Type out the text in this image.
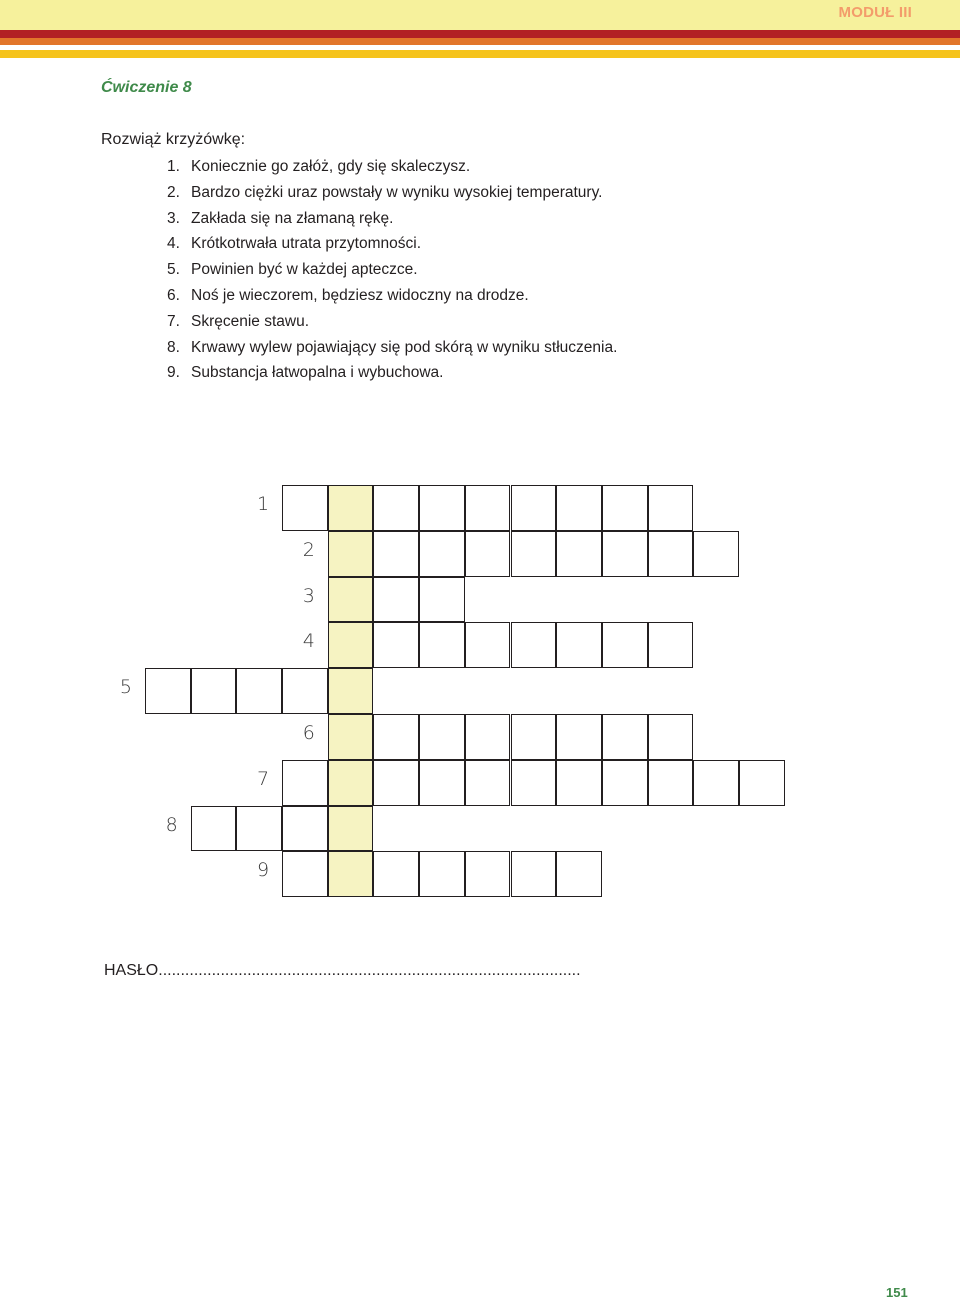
MODUŁ III
Ćwiczenie 8
Rozwiąż krzyżówkę:
1. Koniecznie go załóż, gdy się skaleczysz.
2. Bardzo ciężki uraz powstały w wyniku wysokiej temperatury.
3. Zakłada się na złamaną rękę.
4. Krótkotrwała utrata przytomności.
5. Powinien być w każdej apteczce.
6. Noś je wieczorem, będziesz widoczny na drodze.
7. Skręcenie stawu.
8. Krwawy wylew pojawiający się pod skórą w wyniku stłuczenia.
9. Substancja łatwopalna i wybuchowa.
1
2
3
4
5
6
7
8
9
HASŁO...............................................................................................
151
